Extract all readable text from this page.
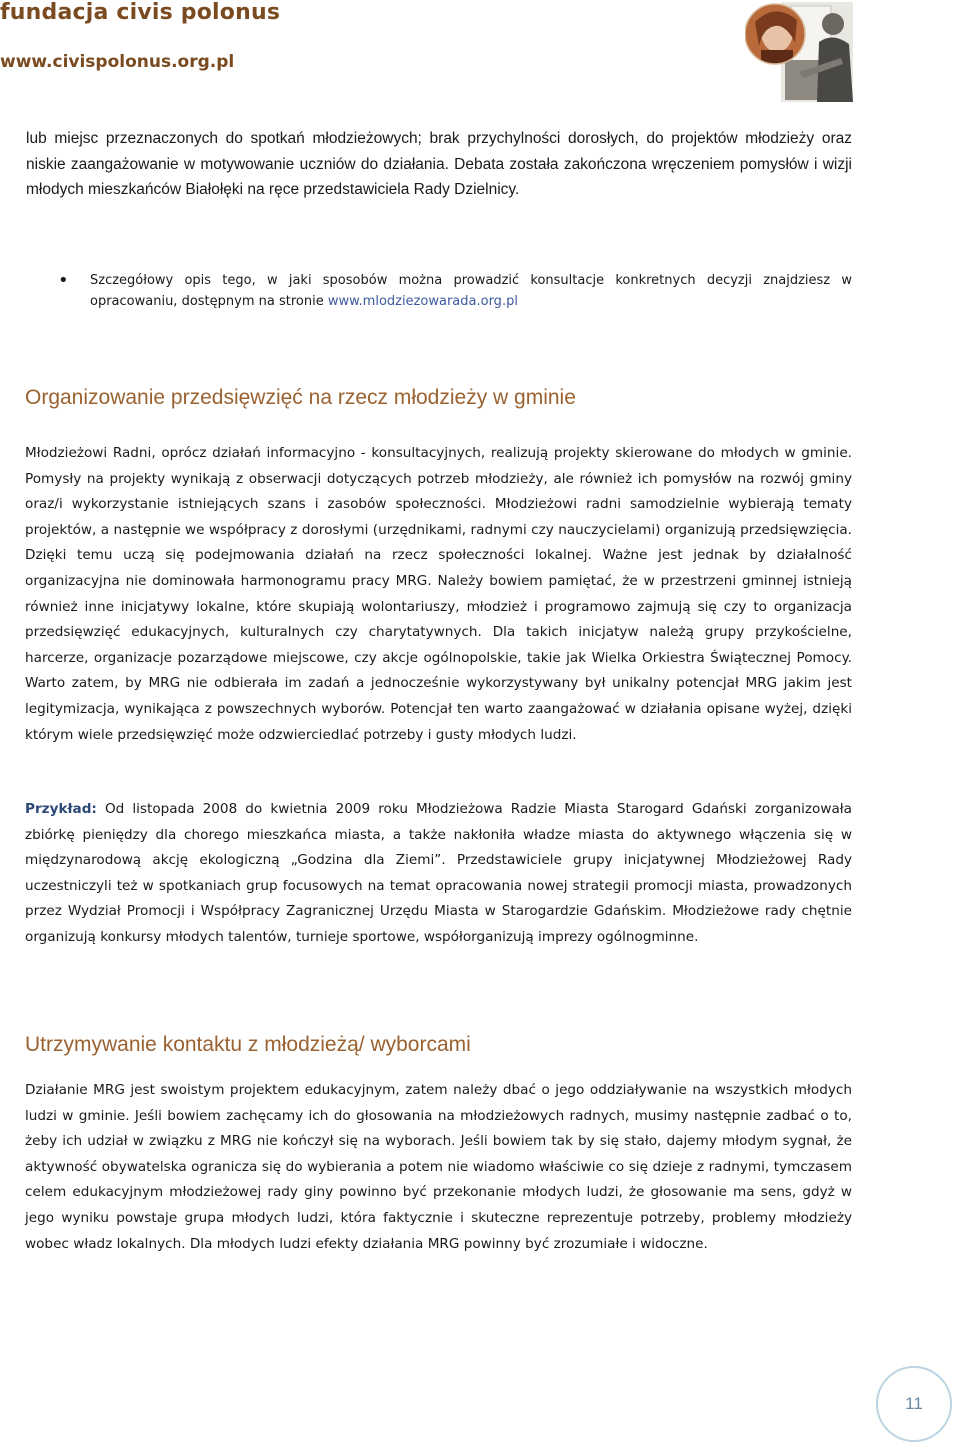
fundacja civis polonus
www.civispolonus.org.pl

lub miejsc przeznaczonych do spotkań młodzieżowych; brak przychylności dorosłych, do projektów młodzieży oraz niskie zaangażowanie w motywowanie uczniów do działania. Debata została zakończona wręczeniem pomysłów i wizji młodych mieszkańców Białołęki na ręce przedstawiciela Rady Dzielnicy.

• Szczegółowy opis tego, w jaki sposobów można prowadzić konsultacje konkretnych decyzji znajdziesz w opracowaniu, dostępnym na stronie www.mlodziezowarada.org.pl
Organizowanie przedsięwzięć na rzecz młodzieży w gminie

Młodzieżowi Radni, oprócz działań informacyjno - konsultacyjnych, realizują projekty skierowane do młodych w gminie. Pomysły na projekty wynikają z obserwacji dotyczących potrzeb młodzieży, ale również ich pomysłów na rozwój gminy oraz/i wykorzystanie istniejących szans i zasobów społeczności. Młodzieżowi radni samodzielnie wybierają tematy projektów, a następnie we współpracy z dorosłymi (urzędnikami, radnymi czy nauczycielami) organizują przedsięwzięcia. Dzięki temu uczą się podejmowania działań na rzecz społeczności lokalnej. Ważne jest jednak by działalność organizacyjna nie dominowała harmonogramu pracy MRG. Należy bowiem pamiętać, że w przestrzeni gminnej istnieją również inne inicjatywy lokalne, które skupiają wolontariuszy, młodzież i programowo zajmują się czy to organizacja przedsięwzięć edukacyjnych, kulturalnych czy charytatywnych. Dla takich inicjatyw należą grupy przykościelne, harcerze, organizacje pozarządowe miejscowe, czy akcje ogólnopolskie, takie jak Wielka Orkiestra Świątecznej Pomocy. Warto zatem, by MRG nie odbierała im zadań a jednocześnie wykorzystywany był unikalny potencjał MRG jakim jest legitymizacja, wynikająca z powszechnych wyborów. Potencjał ten warto zaangażować w działania opisane wyżej, dzięki którym wiele przedsięwzięć może odzwierciedlać potrzeby i gusty młodych ludzi.

Przykład: Od listopada 2008 do kwietnia 2009 roku Młodzieżowa Radzie Miasta Starogard Gdański zorganizowała zbiórkę pieniędzy dla chorego mieszkańca miasta, a także nakłoniła władze miasta do aktywnego włączenia się w międzynarodową akcję ekologiczną „Godzina dla Ziemi”. Przedstawiciele grupy inicjatywnej Młodzieżowej Rady uczestniczyli też w spotkaniach grup focusowych na temat opracowania nowej strategii promocji miasta, prowadzonych przez Wydział Promocji i Współpracy Zagranicznej Urzędu Miasta w Starogardzie Gdańskim. Młodzieżowe rady chętnie organizują konkursy młodych talentów, turnieje sportowe, współorganizują imprezy ogólnogminne.

Utrzymywanie kontaktu z młodzieżą/ wyborcami

Działanie MRG jest swoistym projektem edukacyjnym, zatem należy dbać o jego oddziaływanie na wszystkich młodych ludzi w gminie. Jeśli bowiem zachęcamy ich do głosowania na młodzieżowych radnych, musimy następnie zadbać o to, żeby ich udział w związku z MRG nie kończył się na wyborach. Jeśli bowiem tak by się stało, dajemy młodym sygnał, że aktywność obywatelska ogranicza się do wybierania a potem nie wiadomo właściwie co się dzieje z radnymi, tymczasem celem edukacyjnym młodzieżowej rady giny powinno być przekonanie młodych ludzi, że głosowanie ma sens, gdyż w jego wyniku powstaje grupa młodych ludzi, która faktycznie i skuteczne reprezentuje potrzeby, problemy młodzieży wobec władz lokalnych. Dla młodych ludzi efekty działania MRG powinny być zrozumiałe i widoczne.

11
